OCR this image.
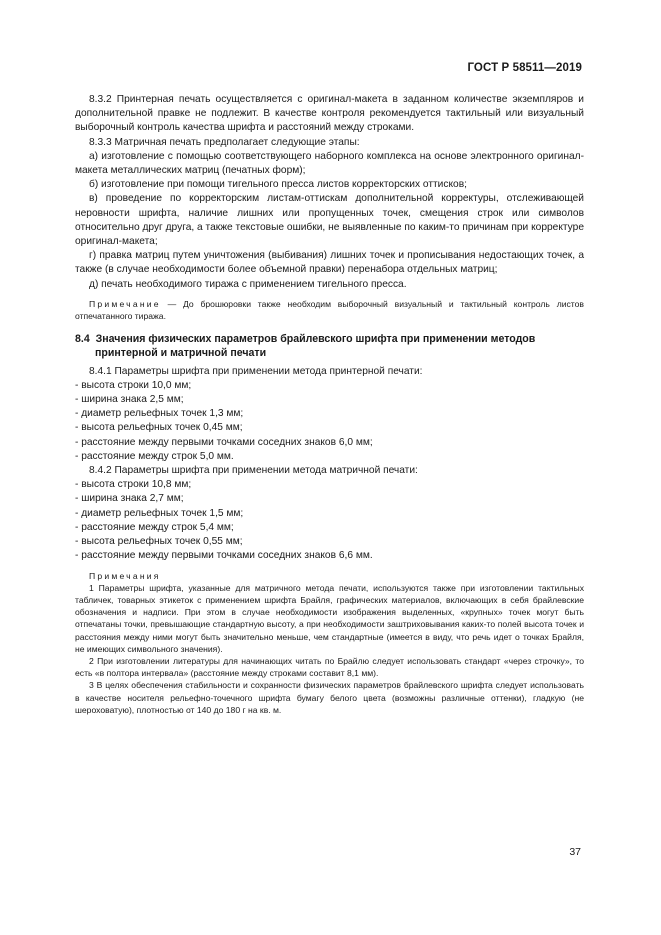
ГОСТ Р 58511—2019

8.3.2 Принтерная печать осуществляется с оригинал-макета в заданном количестве экземпляров и дополнительной правке не подлежит. В качестве контроля рекомендуется тактильный или визуальный выборочный контроль качества шрифта и расстояний между строками.

8.3.3 Матричная печать предполагает следующие этапы:

а) изготовление с помощью соответствующего наборного комплекса на основе электронного оригинал-макета металлических матриц (печатных форм);

б) изготовление при помощи тигельного пресса листов корректорских оттисков;

в) проведение по корректорским листам-оттискам дополнительной корректуры, отслеживающей неровности шрифта, наличие лишних или пропущенных точек, смещения строк или символов относительно друг друга, а также текстовые ошибки, не выявленные по каким-то причинам при корректуре оригинал-макета;

г) правка матриц путем уничтожения (выбивания) лишних точек и прописывания недостающих точек, а также (в случае необходимости более объемной правки) перенабора отдельных матриц;

д) печать необходимого тиража с применением тигельного пресса.

Примечание — До брошюровки также необходим выборочный визуальный и тактильный контроль листов отпечатанного тиража.

8.4 Значения физических параметров брайлевского шрифта при применении методов
принтерной и матричной печати

8.4.1 Параметры шрифта при применении метода принтерной печати:

- высота строки 10,0 мм;

- ширина знака 2,5 мм;

- диаметр рельефных точек 1,3 мм;

- высота рельефных точек 0,45 мм;

- расстояние между первыми точками соседних знаков 6,0 мм;

- расстояние между строк 5,0 мм.

8.4.2 Параметры шрифта при применении метода матричной печати:

- высота строки 10,8 мм;

- ширина знака 2,7 мм;

- диаметр рельефных точек 1,5 мм;

- расстояние между строк 5,4 мм;

- высота рельефных точек 0,55 мм;

- расстояние между первыми точками соседних знаков 6,6 мм.

Примечания

1 Параметры шрифта, указанные для матричного метода печати, используются также при изготовлении тактильных табличек, товарных этикеток с применением шрифта Брайля, графических материалов, включающих в себя брайлевские обозначения и надписи. При этом в случае необходимости изображения выделенных, «крупных» точек могут быть отпечатаны точки, превышающие стандартную высоту, а при необходимости заштриховывания каких-то полей высота точек и расстояния между ними могут быть значительно меньше, чем стандартные (имеется в виду, что речь идет о точках Брайля, не имеющих символьного значения).

2 При изготовлении литературы для начинающих читать по Брайлю следует использовать стандарт «через строчку», то есть «в полтора интервала» (расстояние между строками составит 8,1 мм).

3 В целях обеспечения стабильности и сохранности физических параметров брайлевского шрифта следует использовать в качестве носителя рельефно-точечного шрифта бумагу белого цвета (возможны различные оттенки), гладкую (не шероховатую), плотностью от 140 до 180 г на кв. м.

37
